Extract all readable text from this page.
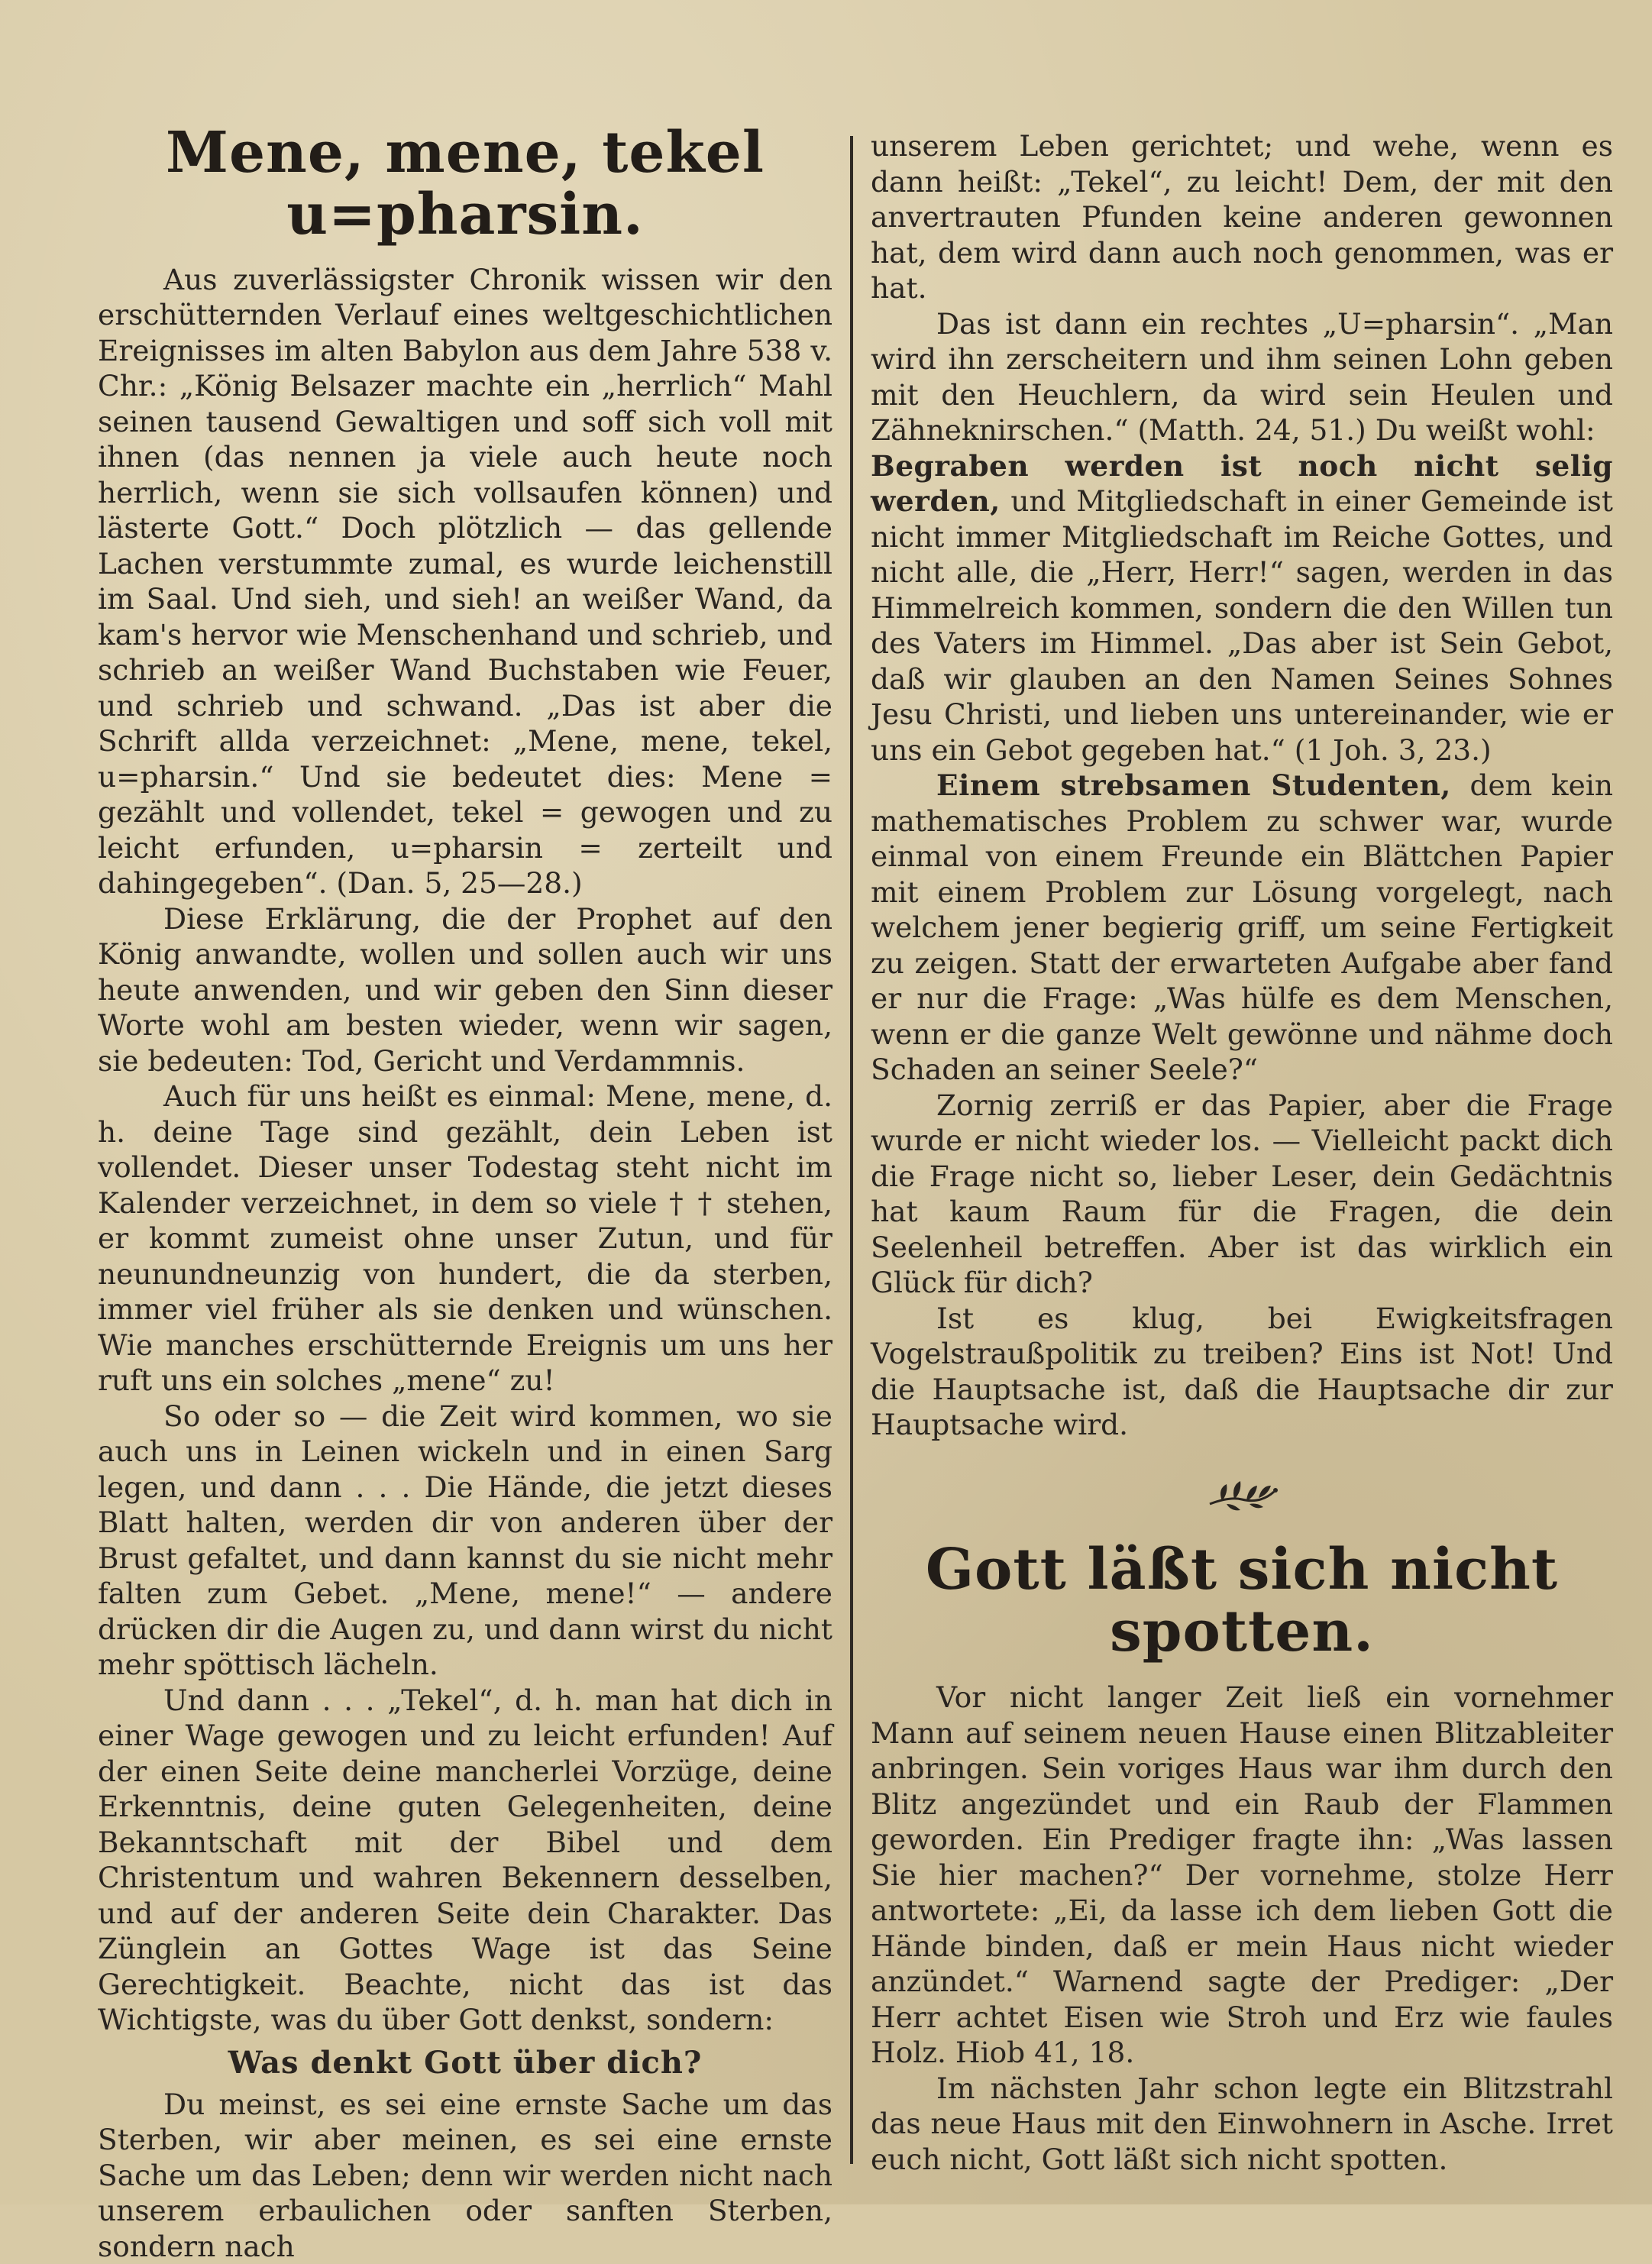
Mene, mene, tekel u=pharsin.

Aus zuverlässigster Chronik wissen wir den erschütternden Verlauf eines weltgeschichtlichen Ereignisses im alten Babylon aus dem Jahre 538 v. Chr.: „König Belsazer machte ein „herrlich“ Mahl seinen tausend Gewaltigen und soff sich voll mit ihnen (das nennen ja viele auch heute noch herrlich, wenn sie sich vollsaufen können) und lästerte Gott.“ Doch plötzlich — das gellende Lachen verstummte zumal, es wurde leichenstill im Saal. Und sieh, und sieh! an weißer Wand, da kam's hervor wie Menschenhand und schrieb, und schrieb an weißer Wand Buchstaben wie Feuer, und schrieb und schwand. „Das ist aber die Schrift allda verzeichnet: „Mene, mene, tekel, u=pharsin.“ Und sie bedeutet dies: Mene = gezählt und vollendet, tekel = gewogen und zu leicht erfunden, u=pharsin = zerteilt und dahingegeben“. (Dan. 5, 25—28.)

Diese Erklärung, die der Prophet auf den König anwandte, wollen und sollen auch wir uns heute anwenden, und wir geben den Sinn dieser Worte wohl am besten wieder, wenn wir sagen, sie bedeuten: Tod, Gericht und Verdammnis.

Auch für uns heißt es einmal: Mene, mene, d. h. deine Tage sind gezählt, dein Leben ist vollendet. Dieser unser Todestag steht nicht im Kalender verzeichnet, in dem so viele † † stehen, er kommt zumeist ohne unser Zutun, und für neunundneunzig von hundert, die da sterben, immer viel früher als sie denken und wünschen. Wie manches erschütternde Ereignis um uns her ruft uns ein solches „mene“ zu!

So oder so — die Zeit wird kommen, wo sie auch uns in Leinen wickeln und in einen Sarg legen, und dann . . . Die Hände, die jetzt dieses Blatt halten, werden dir von anderen über der Brust gefaltet, und dann kannst du sie nicht mehr falten zum Gebet. „Mene, mene!“ — andere drücken dir die Augen zu, und dann wirst du nicht mehr spöttisch lächeln.

Und dann . . . „Tekel“, d. h. man hat dich in einer Wage gewogen und zu leicht erfunden! Auf der einen Seite deine mancherlei Vorzüge, deine Erkenntnis, deine guten Gelegenheiten, deine Bekanntschaft mit der Bibel und dem Christentum und wahren Bekennern desselben, und auf der anderen Seite dein Charakter. Das Zünglein an Gottes Wage ist das Seine Gerechtigkeit. Beachte, nicht das ist das Wichtigste, was du über Gott denkst, sondern:

Was denkt Gott über dich?

Du meinst, es sei eine ernste Sache um das Sterben, wir aber meinen, es sei eine ernste Sache um das Leben; denn wir werden nicht nach unserem erbaulichen oder sanften Sterben, sondern nach

unserem Leben gerichtet; und wehe, wenn es dann heißt: „Tekel“, zu leicht! Dem, der mit den anvertrauten Pfunden keine anderen gewonnen hat, dem wird dann auch noch genommen, was er hat.

Das ist dann ein rechtes „U=pharsin“. „Man wird ihn zerscheitern und ihm seinen Lohn geben mit den Heuchlern, da wird sein Heulen und Zähneknirschen.“ (Matth. 24, 51.) Du weißt wohl:

Begraben werden ist noch nicht selig werden, und Mitgliedschaft in einer Gemeinde ist nicht immer Mitgliedschaft im Reiche Gottes, und nicht alle, die „Herr, Herr!“ sagen, werden in das Himmelreich kommen, sondern die den Willen tun des Vaters im Himmel. „Das aber ist Sein Gebot, daß wir glauben an den Namen Seines Sohnes Jesu Christi, und lieben uns untereinander, wie er uns ein Gebot gegeben hat.“ (1 Joh. 3, 23.)

Einem strebsamen Studenten, dem kein mathematisches Problem zu schwer war, wurde einmal von einem Freunde ein Blättchen Papier mit einem Problem zur Lösung vorgelegt, nach welchem jener begierig griff, um seine Fertigkeit zu zeigen. Statt der erwarteten Aufgabe aber fand er nur die Frage: „Was hülfe es dem Menschen, wenn er die ganze Welt gewönne und nähme doch Schaden an seiner Seele?“

Zornig zerriß er das Papier, aber die Frage wurde er nicht wieder los. — Vielleicht packt dich die Frage nicht so, lieber Leser, dein Gedächtnis hat kaum Raum für die Fragen, die dein Seelenheil betreffen. Aber ist das wirklich ein Glück für dich?

Ist es klug, bei Ewigkeitsfragen Vogelstraußpolitik zu treiben? Eins ist Not! Und die Hauptsache ist, daß die Hauptsache dir zur Hauptsache wird.

Gott läßt sich nicht spotten.

Vor nicht langer Zeit ließ ein vornehmer Mann auf seinem neuen Hause einen Blitzableiter anbringen. Sein voriges Haus war ihm durch den Blitz angezündet und ein Raub der Flammen geworden. Ein Prediger fragte ihn: „Was lassen Sie hier machen?“ Der vornehme, stolze Herr antwortete: „Ei, da lasse ich dem lieben Gott die Hände binden, daß er mein Haus nicht wieder anzündet.“ Warnend sagte der Prediger: „Der Herr achtet Eisen wie Stroh und Erz wie faules Holz. Hiob 41, 18.

Im nächsten Jahr schon legte ein Blitzstrahl das neue Haus mit den Einwohnern in Asche. Irret euch nicht, Gott läßt sich nicht spotten.
